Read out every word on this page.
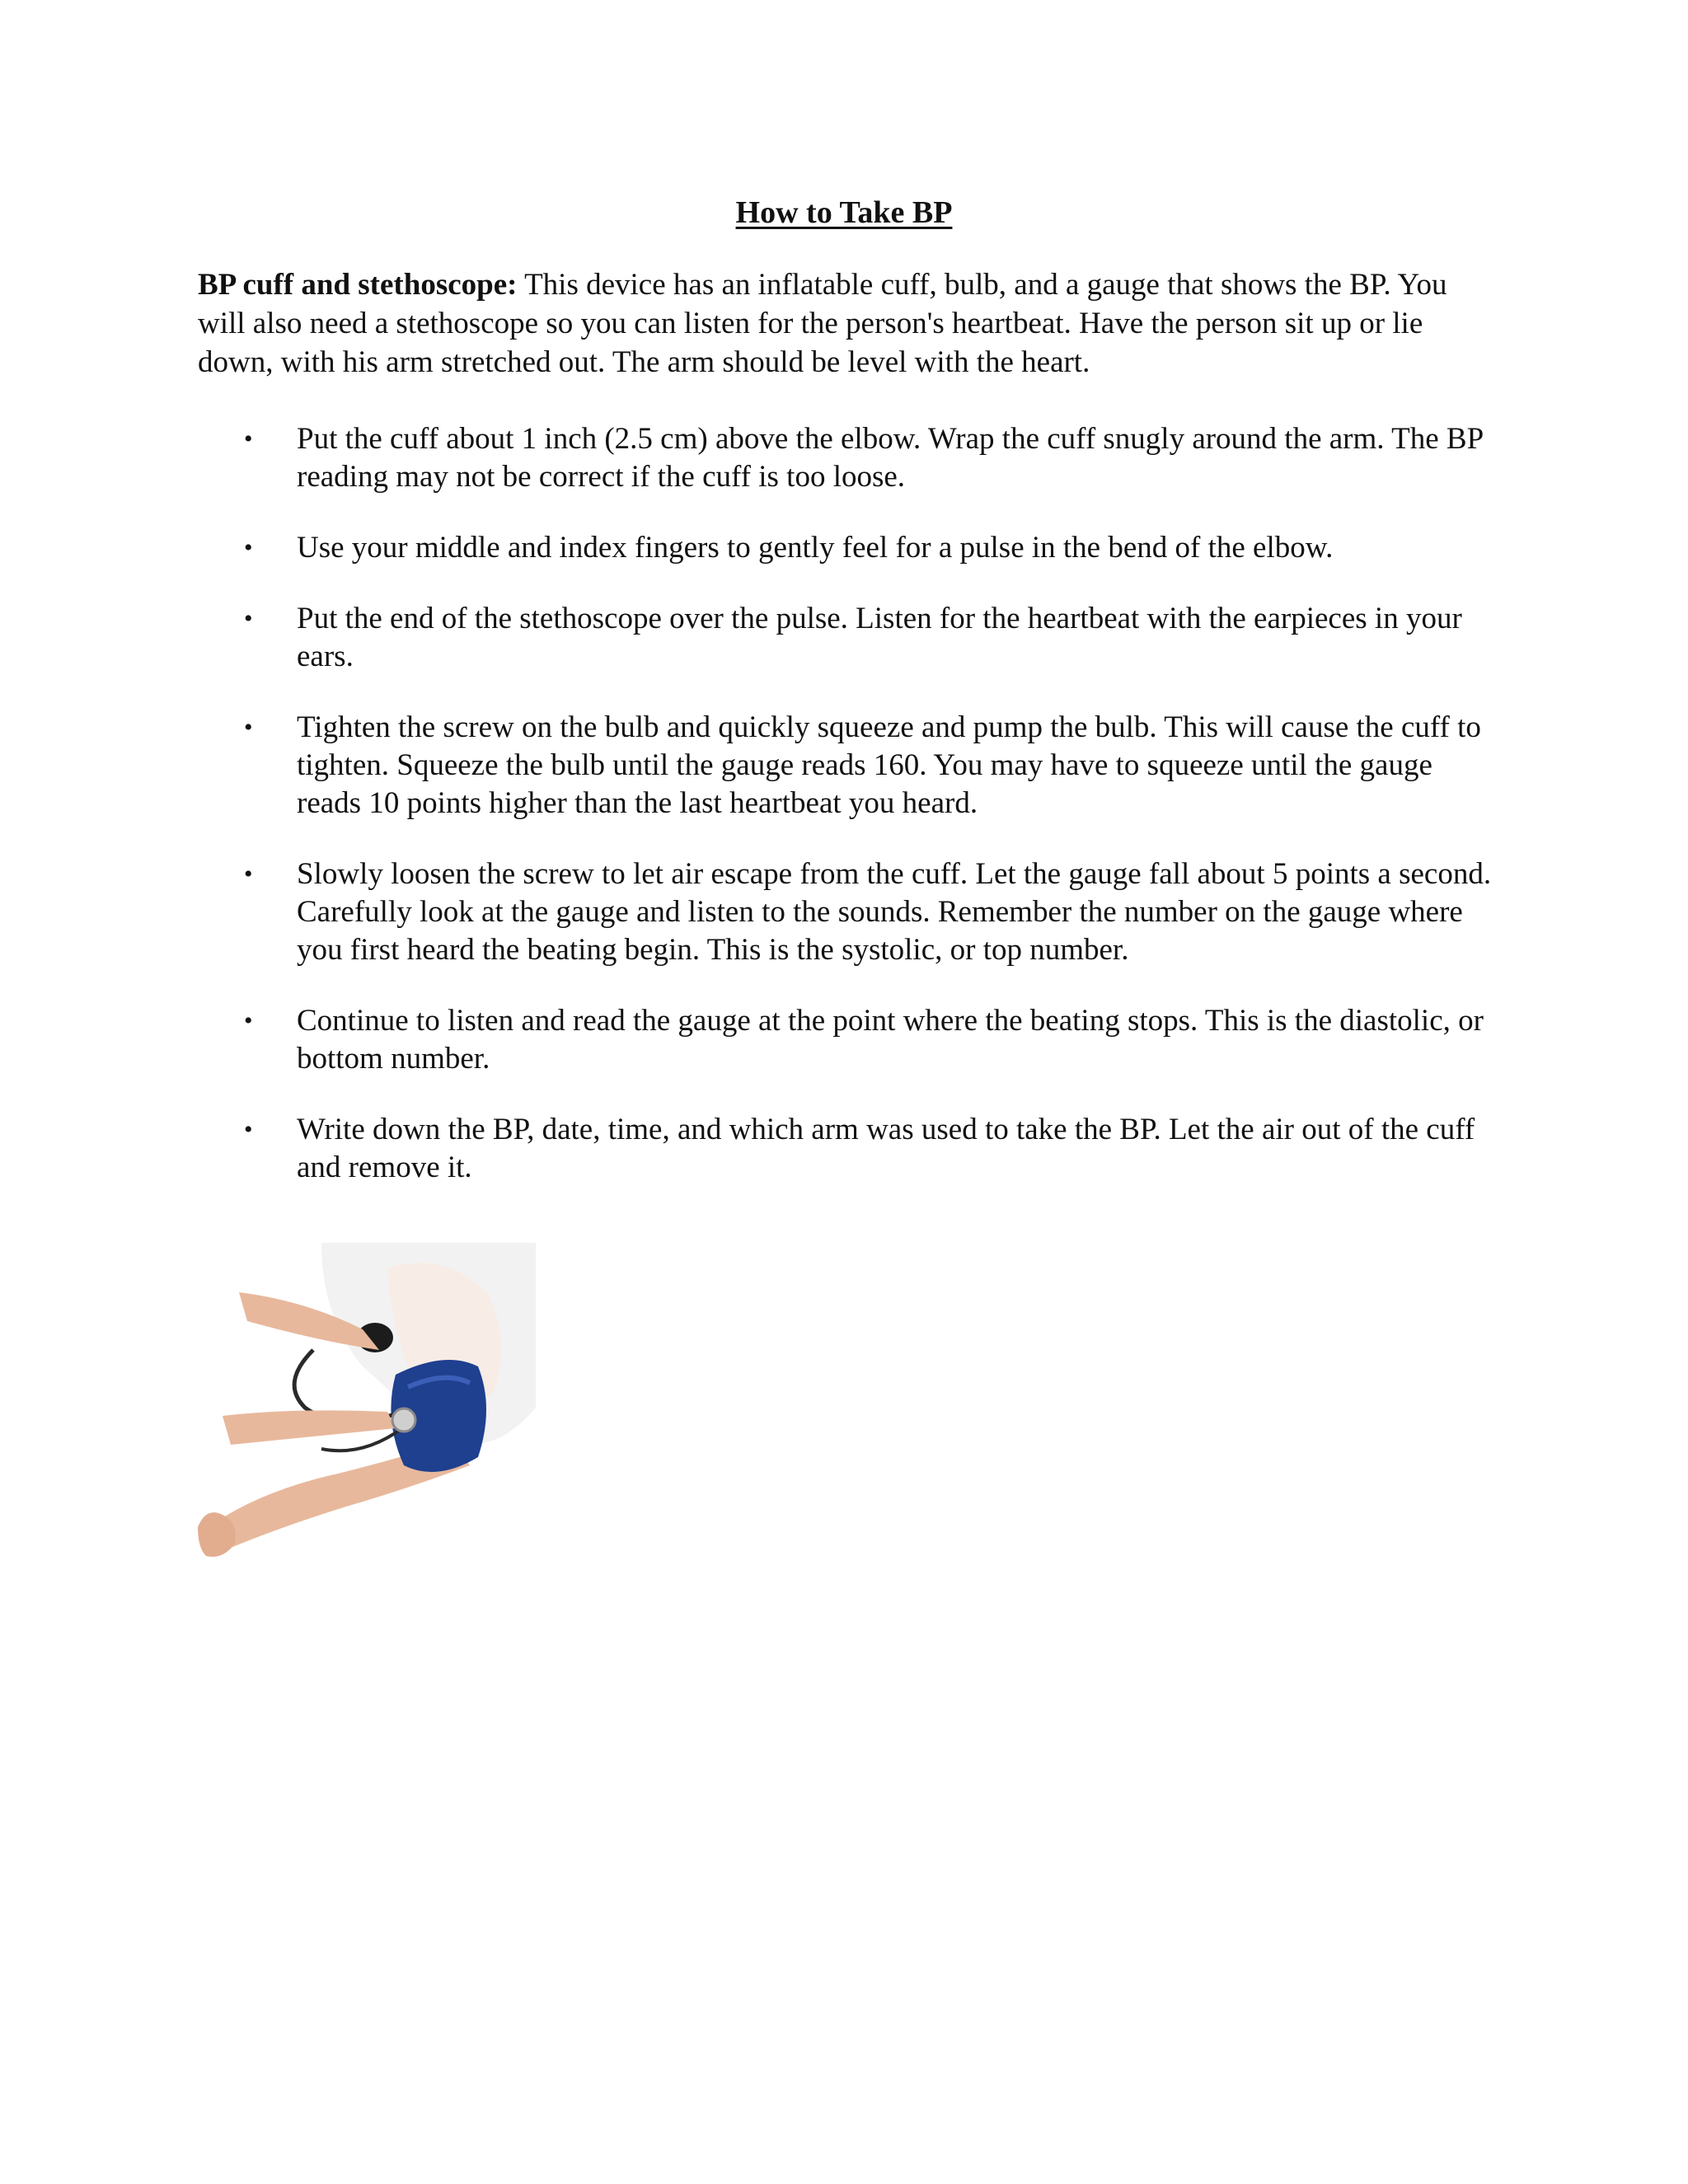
How to Take BP

BP cuff and stethoscope: This device has an inflatable cuff, bulb, and a gauge that shows the BP. You will also need a stethoscope so you can listen for the person's heartbeat. Have the person sit up or lie down, with his arm stretched out. The arm should be level with the heart.

• Put the cuff about 1 inch (2.5 cm) above the elbow. Wrap the cuff snugly around the arm. The BP reading may not be correct if the cuff is too loose.
• Use your middle and index fingers to gently feel for a pulse in the bend of the elbow.
• Put the end of the stethoscope over the pulse. Listen for the heartbeat with the earpieces in your ears.
• Tighten the screw on the bulb and quickly squeeze and pump the bulb. This will cause the cuff to tighten. Squeeze the bulb until the gauge reads 160. You may have to squeeze until the gauge reads 10 points higher than the last heartbeat you heard.
• Slowly loosen the screw to let air escape from the cuff. Let the gauge fall about 5 points a second. Carefully look at the gauge and listen to the sounds. Remember the number on the gauge where you first heard the beating begin. This is the systolic, or top number.
• Continue to listen and read the gauge at the point where the beating stops. This is the diastolic, or bottom number.
• Write down the BP, date, time, and which arm was used to take the BP. Let the air out of the cuff and remove it.
